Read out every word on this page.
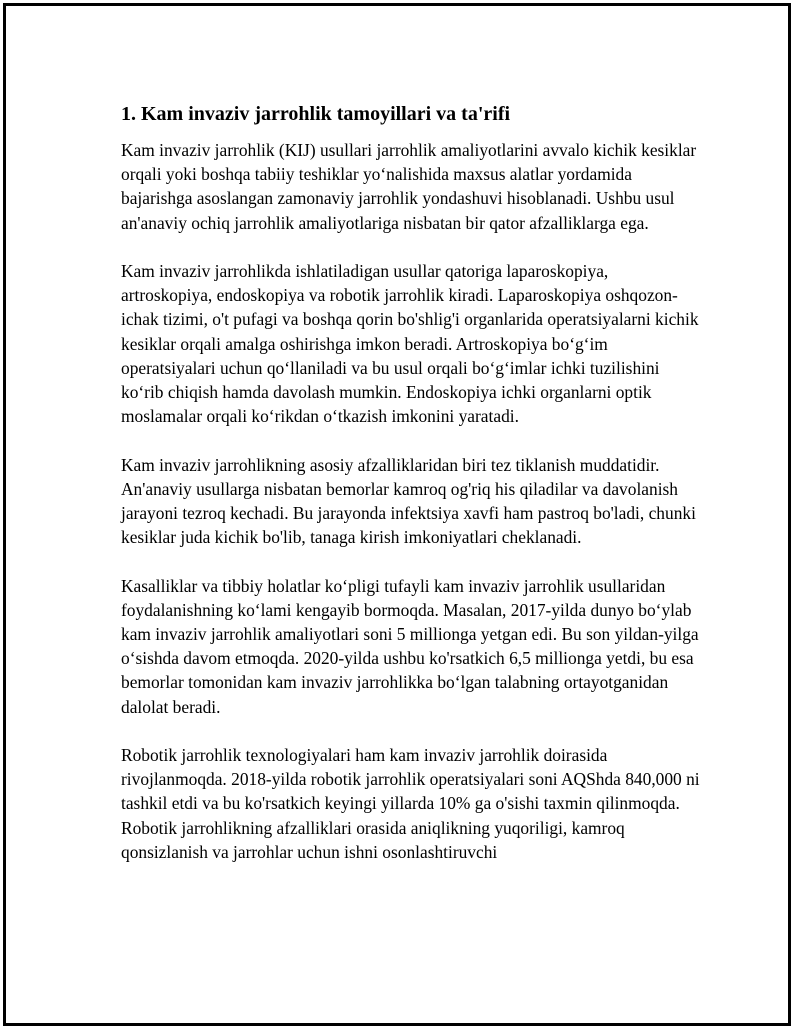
1. Kam invaziv jarrohlik tamoyillari va ta'rifi

Kam invaziv jarrohlik (KIJ) usullari jarrohlik amaliyotlarini avvalo kichik kesiklar orqali yoki boshqa tabiiy teshiklar yoʻnalishida maxsus alatlar yordamida bajarishga asoslangan zamonaviy jarrohlik yondashuvi hisoblanadi. Ushbu usul an'anaviy ochiq jarrohlik amaliyotlariga nisbatan bir qator afzalliklarga ega.

Kam invaziv jarrohlikda ishlatiladigan usullar qatoriga laparoskopiya, artroskopiya, endoskopiya va robotik jarrohlik kiradi. Laparoskopiya oshqozon-ichak tizimi, o't pufagi va boshqa qorin bo'shlig'i organlarida operatsiyalarni kichik kesiklar orqali amalga oshirishga imkon beradi. Artroskopiya boʻgʻim operatsiyalari uchun qoʻllaniladi va bu usul orqali boʻgʻimlar ichki tuzilishini koʻrib chiqish hamda davolash mumkin. Endoskopiya ichki organlarni optik moslamalar orqali koʻrikdan oʻtkazish imkonini yaratadi.

Kam invaziv jarrohlikning asosiy afzalliklaridan biri tez tiklanish muddatidir. An'anaviy usullarga nisbatan bemorlar kamroq og'riq his qiladilar va davolanish jarayoni tezroq kechadi. Bu jarayonda infektsiya xavfi ham pastroq bo'ladi, chunki kesiklar juda kichik bo'lib, tanaga kirish imkoniyatlari cheklanadi.

Kasalliklar va tibbiy holatlar koʻpligi tufayli kam invaziv jarrohlik usullaridan foydalanishning koʻlami kengayib bormoqda. Masalan, 2017-yilda dunyo boʻylab kam invaziv jarrohlik amaliyotlari soni 5 millionga yetgan edi. Bu son yildan-yilga oʻsishda davom etmoqda. 2020-yilda ushbu ko'rsatkich 6,5 millionga yetdi, bu esa bemorlar tomonidan kam invaziv jarrohlikka boʻlgan talabning ortayotganidan dalolat beradi.

Robotik jarrohlik texnologiyalari ham kam invaziv jarrohlik doirasida rivojlanmoqda. 2018-yilda robotik jarrohlik operatsiyalari soni AQShda 840,000 ni tashkil etdi va bu ko'rsatkich keyingi yillarda 10% ga o'sishi taxmin qilinmoqda. Robotik jarrohlikning afzalliklari orasida aniqlikning yuqoriligi, kamroq qonsizlanish va jarrohlar uchun ishni osonlashtiruvchi
